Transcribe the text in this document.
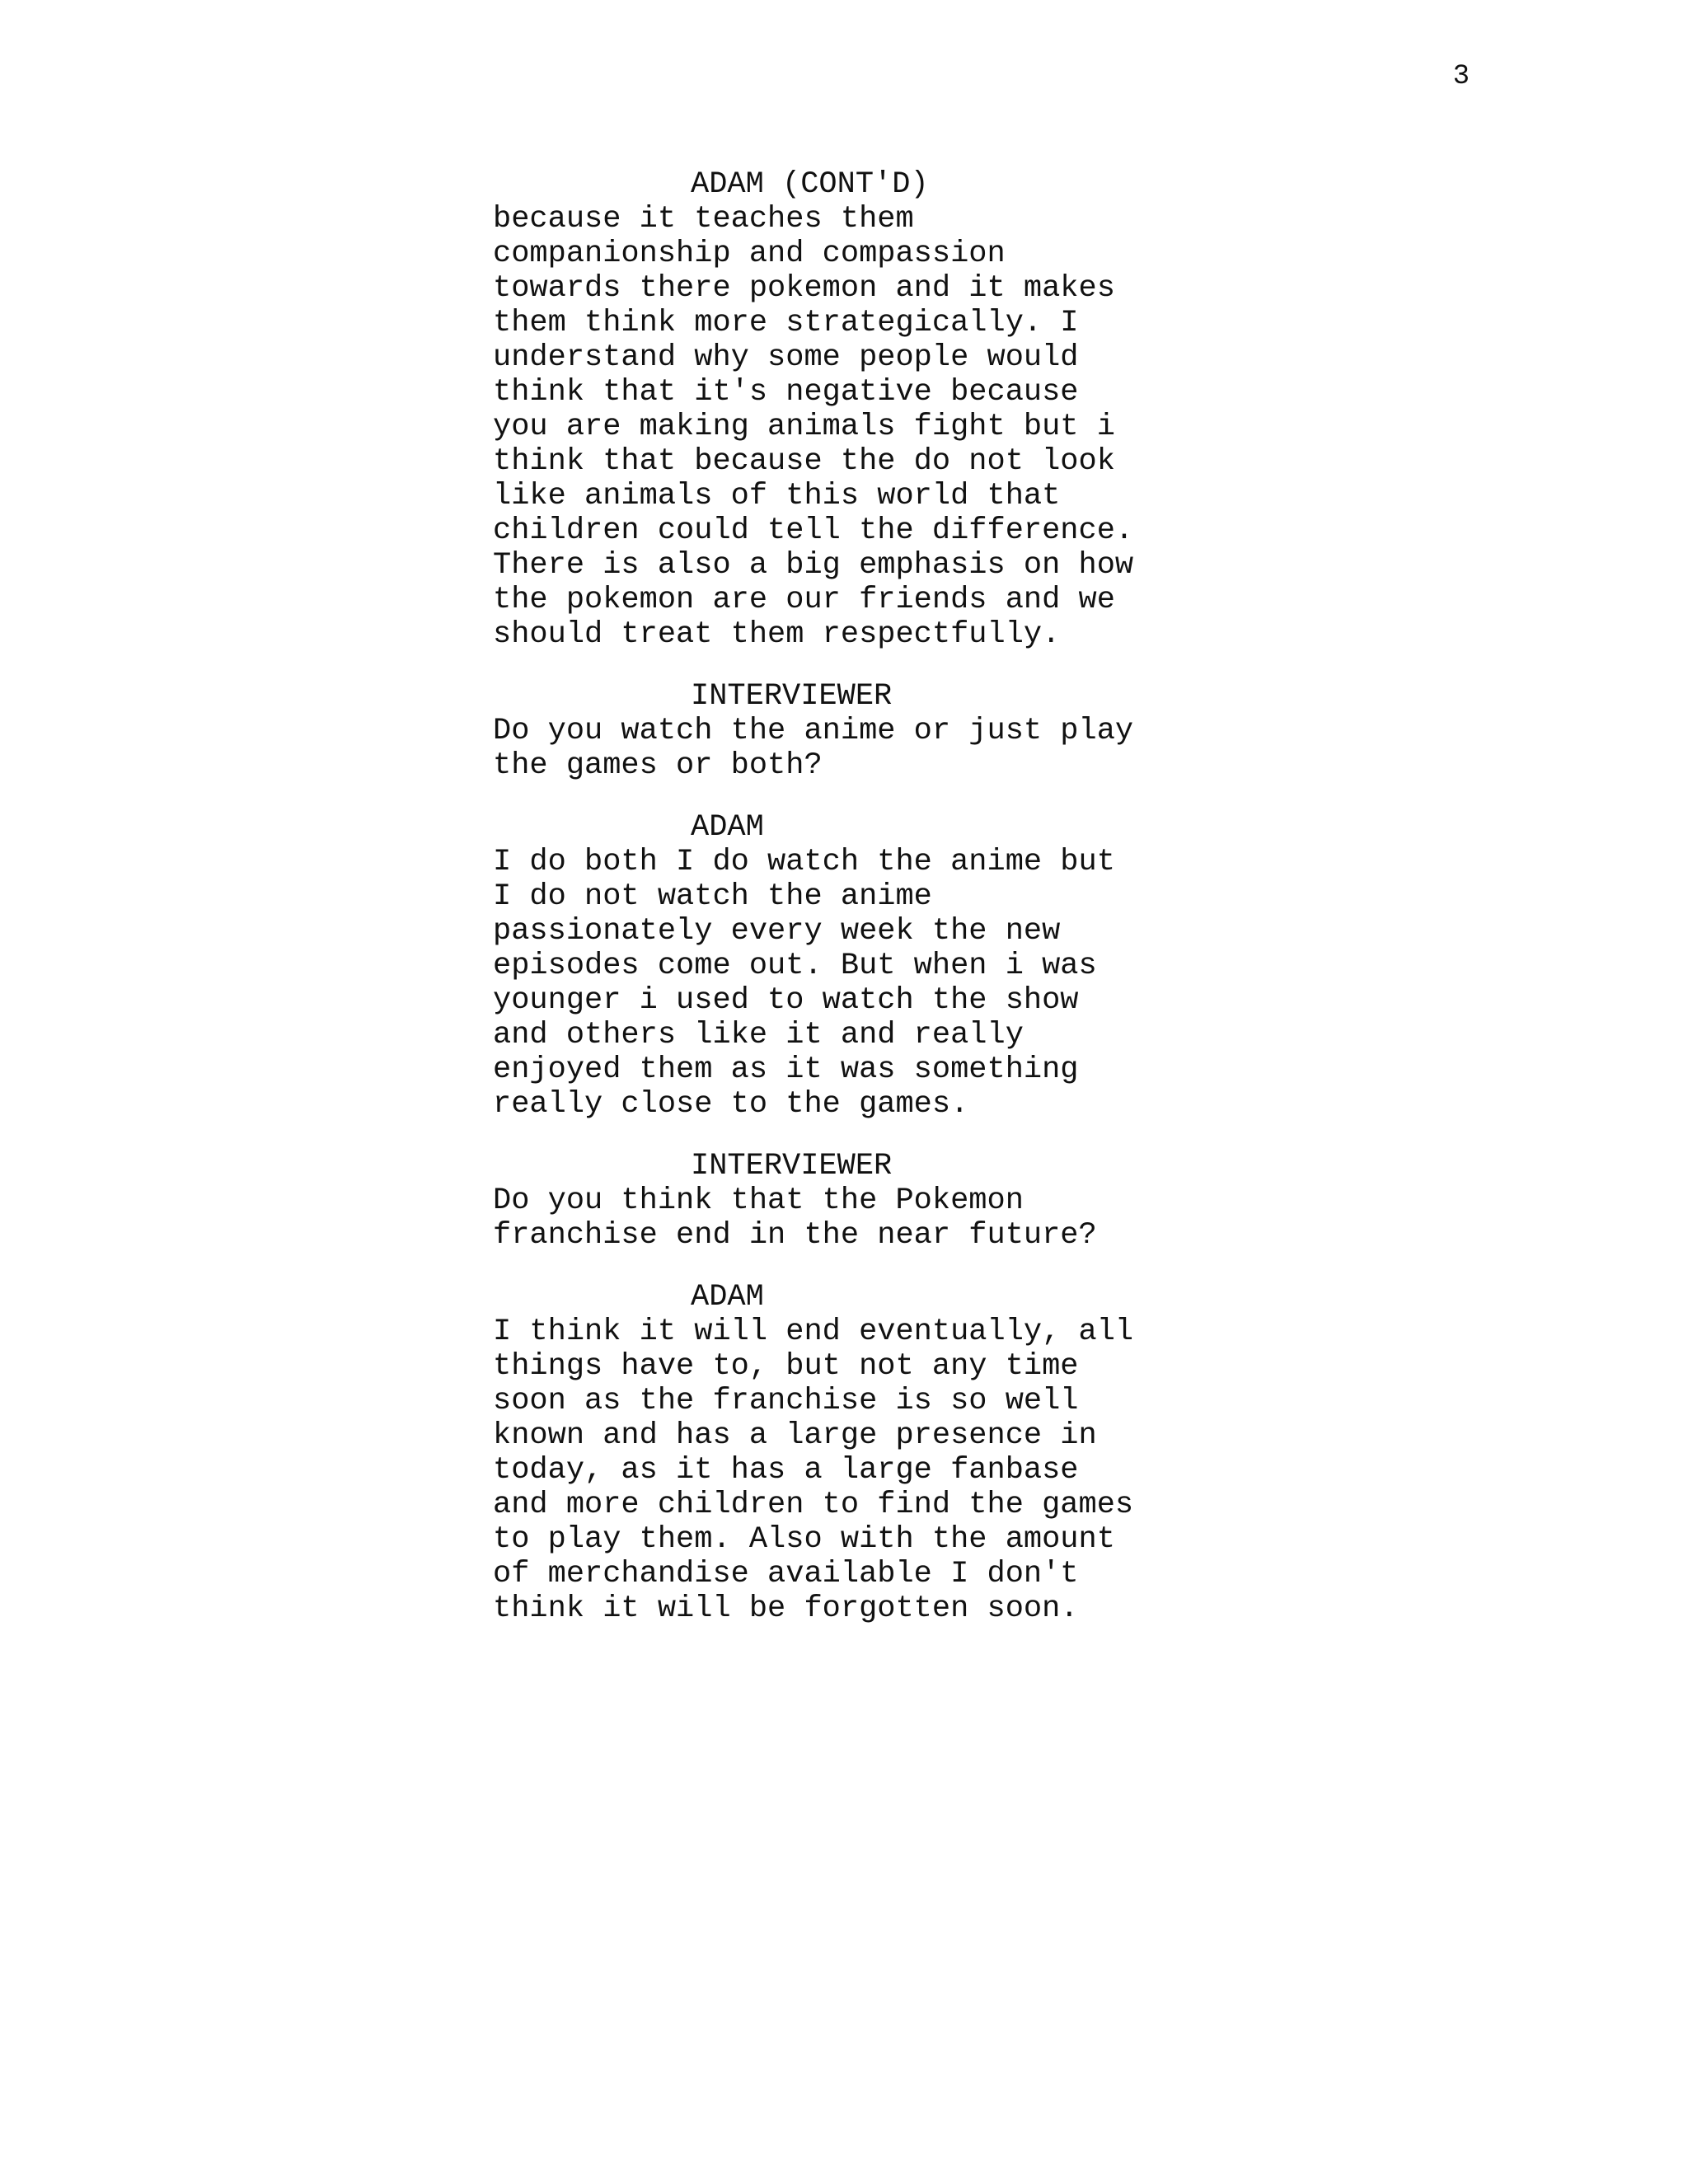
3
ADAM (CONT'D)
because it teaches them
companionship and compassion
towards there pokemon and it makes
them think more strategically. I
understand why some people would
think that it's negative because
you are making animals fight but i
think that because the do not look
like animals of this world that
children could tell the difference.
There is also a big emphasis on how
the pokemon are our friends and we
should treat them respectfully.
INTERVIEWER
Do you watch the anime or just play
the games or both?
ADAM
I do both I do watch the anime but
I do not watch the anime
passionately every week the new
episodes come out. But when i was
younger i used to watch the show
and others like it and really
enjoyed them as it was something
really close to the games.
INTERVIEWER
Do you think that the Pokemon
franchise end in the near future?
ADAM
I think it will end eventually, all
things have to, but not any time
soon as the franchise is so well
known and has a large presence in
today, as it has a large fanbase
and more children to find the games
to play them. Also with the amount
of merchandise available I don't
think it will be forgotten soon.
